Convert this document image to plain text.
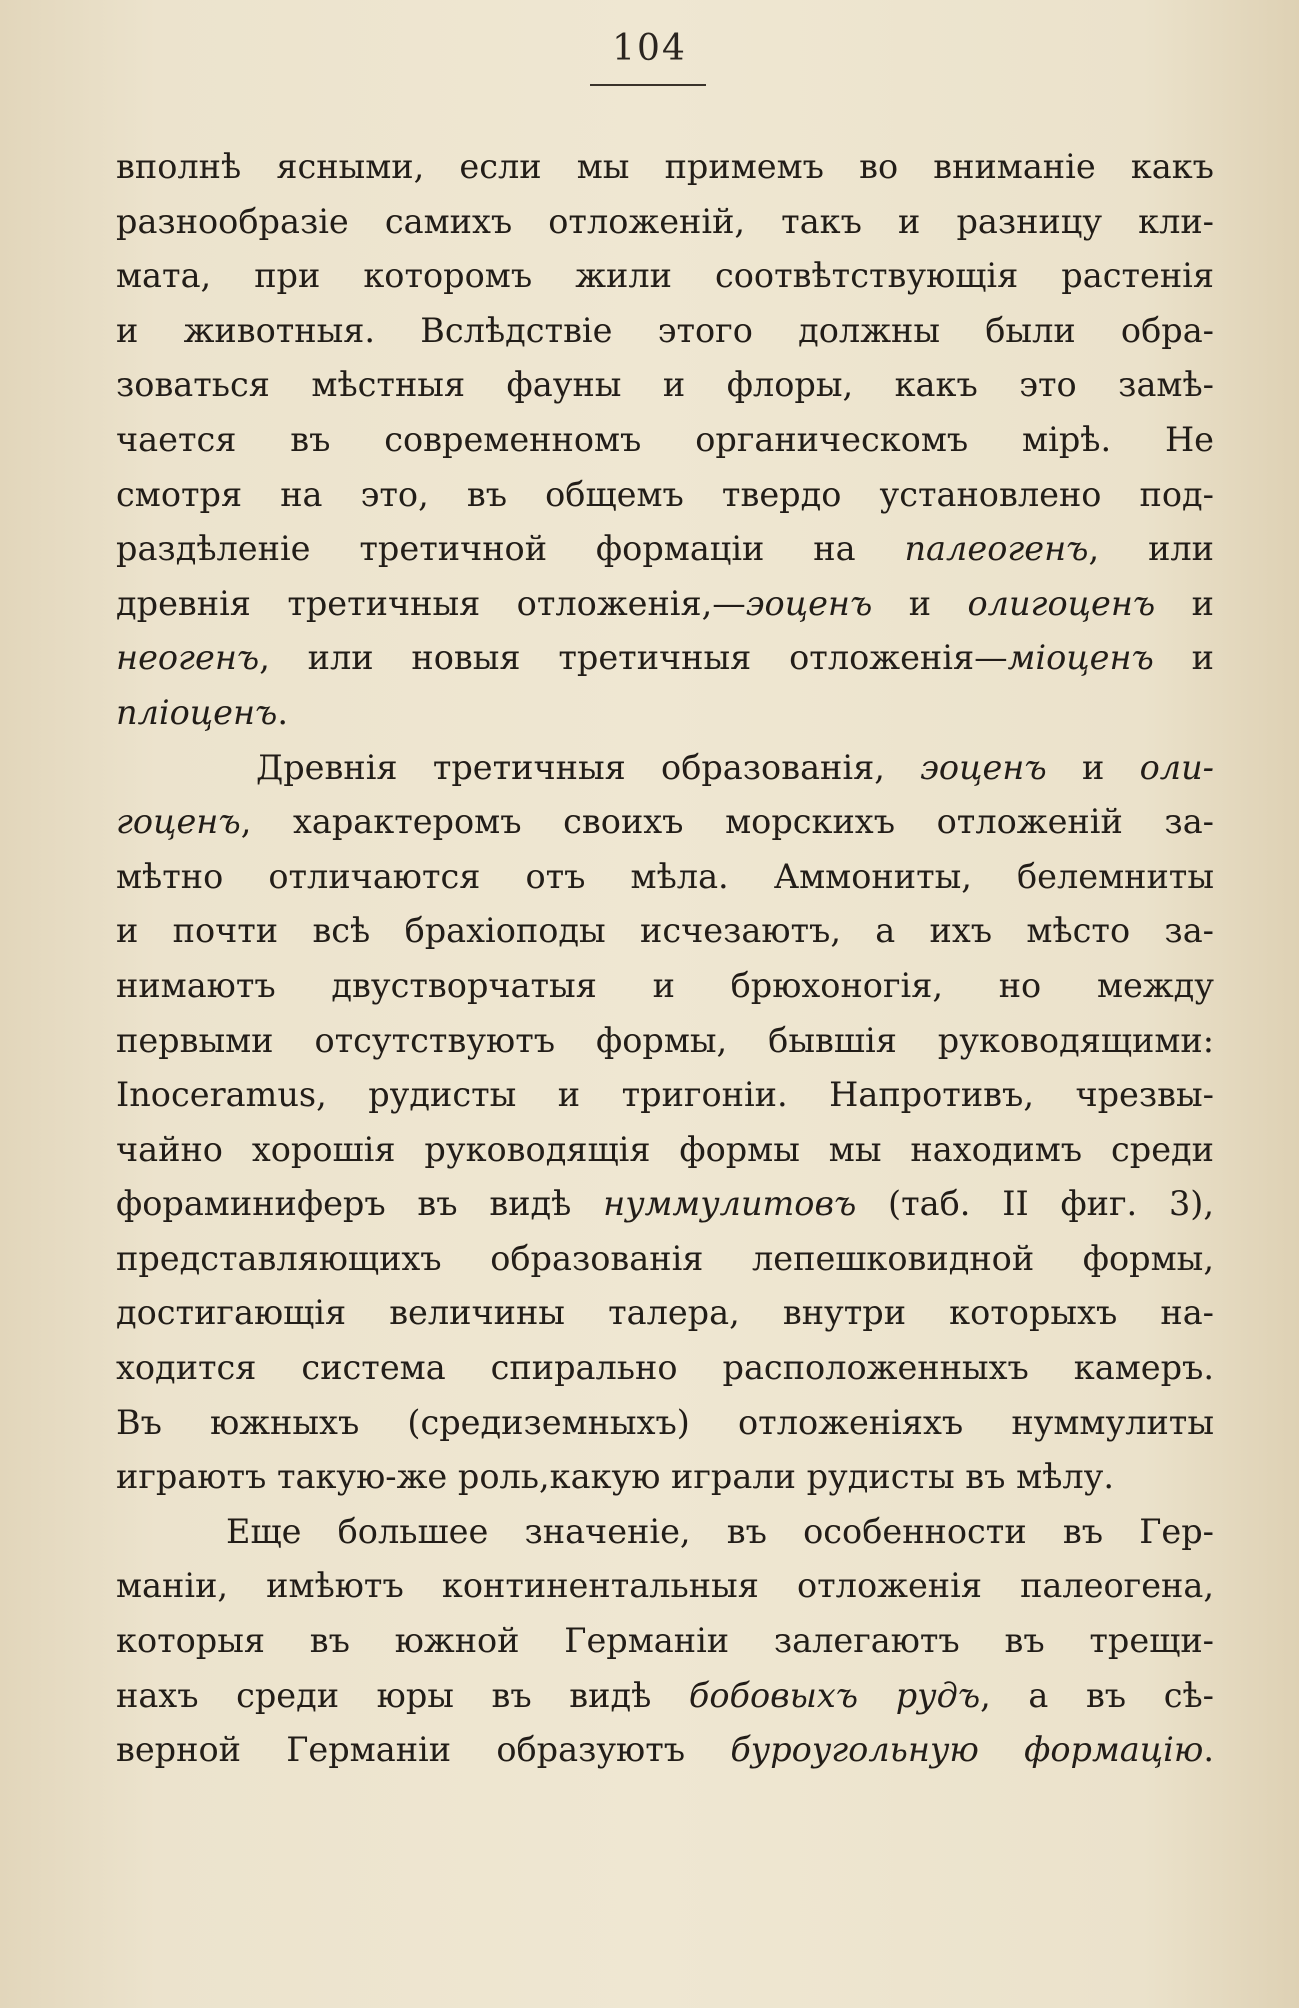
104
вполнѣ ясными, если мы примемъ во вниманіе какъ
разнообразіе самихъ отложеній, такъ и разницу кли-
мата, при которомъ жили соотвѣтствующія растенія
и животныя. Вслѣдствіе этого должны были обра-
зоваться мѣстныя фауны и флоры, какъ это замѣ-
чается въ современномъ органическомъ мірѣ. Не
смотря на это, въ общемъ твердо установлено под-
раздѣленіе третичной формаціи на палеогенъ, или
древнія третичныя отложенія,—эоценъ и олигоценъ и
неогенъ, или новыя третичныя отложенія—міоценъ и
пліоценъ.
Древнія третичныя образованія, эоценъ и оли-
гоценъ, характеромъ своихъ морскихъ отложеній за-
мѣтно отличаются отъ мѣла. Аммониты, белемниты
и почти всѣ брахіоподы исчезаютъ, а ихъ мѣсто за-
нимаютъ двустворчатыя и брюхоногія, но между
первыми отсутствуютъ формы, бывшія руководящими:
Inoceramus, рудисты и тригоніи. Напротивъ, чрезвы-
чайно хорошія руководящія формы мы находимъ среди
фораминиферъ въ видѣ нуммулитовъ (таб. II фиг. 3),
представляющихъ образованія лепешковидной формы,
достигающія величины талера, внутри которыхъ на-
ходится система спирально расположенныхъ камеръ.
Въ южныхъ (средиземныхъ) отложеніяхъ нуммулиты
играютъ такую-же роль,какую играли рудисты въ мѣлу.
Еще большее значеніе, въ особенности въ Гер-
маніи, имѣютъ континентальныя отложенія палеогена,
которыя въ южной Германіи залегаютъ въ трещи-
нахъ среди юры въ видѣ бобовыхъ рудъ, а въ сѣ-
верной Германіи образуютъ буроугольную формацію.
